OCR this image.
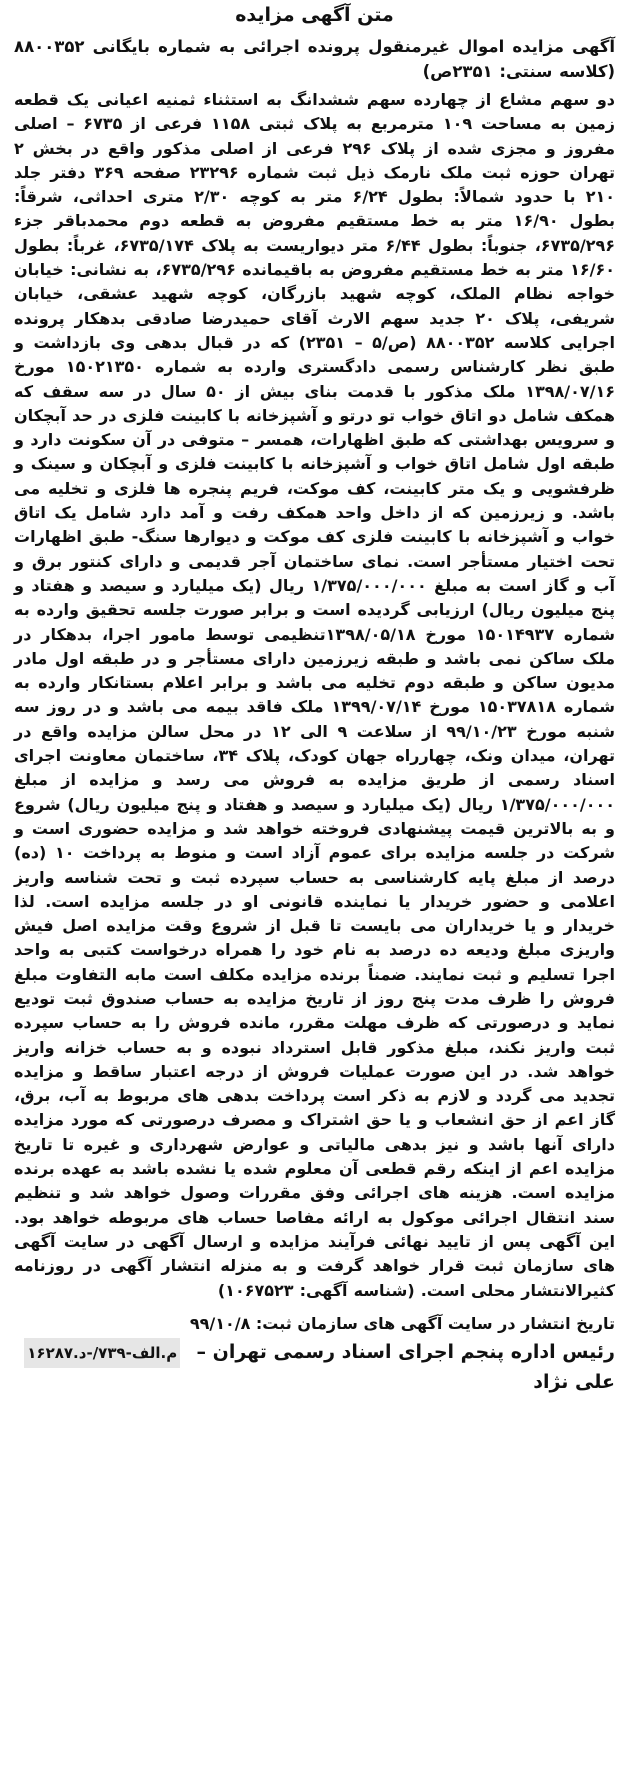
متن آگهی مزایده

آگهی مزایده اموال غیرمنقول پرونده اجرائی به شماره بایگانی ۸۸۰۰۳۵۲ (کلاسه سنتی: ۲۳۵۱ص)

دو سهم مشاع از چهارده سهم ششدانگ به استثناء ثمنیه اعیانی یک قطعه زمین به مساحت ۱۰۹ مترمربع به پلاک ثبتی ۱۱۵۸ فرعی از ۶۷۳۵ – اصلی مفروز و مجزی شده از پلاک ۲۹۶ فرعی از اصلی مذکور واقع در بخش ۲ تهران حوزه ثبت ملک نارمک ذیل ثبت شماره ۲۳۲۹۶ صفحه ۳۶۹ دفتر جلد ۲۱۰ با حدود شمالاً: بطول ۶/۲۴ متر به کوچه ۲/۳۰ متری احداثی، شرقاً: بطول ۱۶/۹۰ متر به خط مستقیم مفروض به قطعه دوم محمدباقر جزء ۶۷۳۵/۲۹۶، جنوباً: بطول ۶/۴۴ متر دیواریست به پلاک ۶۷۳۵/۱۷۴، غرباً: بطول ۱۶/۶۰ متر به خط مستقیم مفروض به باقیمانده ۶۷۳۵/۲۹۶، به نشانی: خیابان خواجه نظام الملک، کوچه شهید بازرگان، کوچه شهید عشقی، خیابان شریفی، پلاک ۲۰ جدید سهم الارث آقای حمیدرضا صادقی بدهکار پرونده اجرایی کلاسه ۸۸۰۰۳۵۲ (ص/۵ – ۲۳۵۱) که در قبال بدهی وی بازداشت و طبق نظر کارشناس رسمی دادگستری وارده به شماره ۱۵۰۲۱۳۵۰ مورخ ۱۳۹۸/۰۷/۱۶ ملک مذکور با قدمت بنای بیش از ۵۰ سال در سه سقف که همکف شامل دو اتاق خواب تو درتو و آشپزخانه با کابینت فلزی در حد آبچکان و سرویس بهداشتی که طبق اظهارات، همسر – متوفی در آن سکونت دارد و طبقه اول شامل اتاق خواب و آشپزخانه با کابینت فلزی و آبچکان و سینک و ظرفشویی و یک متر کابینت، کف موکت، فریم پنجره ها فلزی و تخلیه می باشد. و زیرزمین که از داخل واحد همکف رفت و آمد دارد شامل یک اتاق خواب و آشپزخانه با کابینت فلزی کف موکت و دیوارها سنگ- طبق اظهارات تحت اختیار مستأجر است. نمای ساختمان آجر قدیمی و دارای کنتور برق و آب و گاز است به مبلغ ۱/۳۷۵/۰۰۰/۰۰۰ ریال (یک میلیارد و سیصد و هفتاد و پنج میلیون ریال) ارزیابی گردیده است و برابر صورت جلسه تحقیق وارده به شماره ۱۵۰۱۴۹۳۷ مورخ ۱۳۹۸/۰۵/۱۸تنظیمی توسط مامور اجرا، بدهکار در ملک ساکن نمی باشد و طبقه زیرزمین دارای مستأجر و در طبقه اول مادر مدیون ساکن و طبقه دوم تخلیه می باشد و برابر اعلام بستانکار وارده به شماره ۱۵۰۳۷۸۱۸ مورخ ۱۳۹۹/۰۷/۱۴ ملک فاقد بیمه می باشد و در روز سه شنبه مورخ ۹۹/۱۰/۲۳ از سلاعت ۹ الی ۱۲ در محل سالن مزایده واقع در تهران، میدان ونک، چهارراه جهان کودک، پلاک ۳۴، ساختمان معاونت اجرای اسناد رسمی از طریق مزایده به فروش می رسد و مزایده از مبلغ ۱/۳۷۵/۰۰۰/۰۰۰ ریال (یک میلیارد و سیصد و هفتاد و پنج میلیون ریال) شروع و به بالاترین قیمت پیشنهادی فروخته خواهد شد و مزایده حضوری است و شرکت در جلسه مزایده برای عموم آزاد است و منوط به پرداخت ۱۰ (ده) درصد از مبلغ پایه کارشناسی به حساب سپرده ثبت و تحت شناسه واریز اعلامی و حضور خریدار یا نماینده قانونی او در جلسه مزایده است. لذا خریدار و یا خریداران می بایست تا قبل از شروع وقت مزایده اصل فیش واریزی مبلغ ودیعه ده درصد به نام خود را همراه درخواست کتبی به واحد اجرا تسلیم و ثبت نمایند. ضمناً برنده مزایده مکلف است مابه التفاوت مبلغ فروش را ظرف مدت پنج روز از تاریخ مزایده به حساب صندوق ثبت تودیع نماید و درصورتی که ظرف مهلت مقرر، مانده فروش را به حساب سپرده ثبت واریز نکند، مبلغ مذکور قابل استرداد نبوده و به حساب خزانه واریز خواهد شد. در این صورت عملیات فروش از درجه اعتبار ساقط و مزایده تجدید می گردد و لازم به ذکر است پرداخت بدهی های مربوط به آب، برق، گاز اعم از حق انشعاب و یا حق اشتراک و مصرف درصورتی که مورد مزایده دارای آنها باشد و نیز بدهی مالیاتی و عوارض شهرداری و غیره تا تاریخ مزایده اعم از اینکه رقم قطعی آن معلوم شده یا نشده باشد به عهده برنده مزایده است. هزینه های اجرائی وفق مقررات وصول خواهد شد و تنظیم سند انتقال اجرائی موکول به ارائه مفاصا حساب های مربوطه خواهد بود. این آگهی پس از تایید نهائی فرآیند مزایده و ارسال آگهی در سایت آگهی های سازمان ثبت قرار خواهد گرفت و به منزله انتشار آگهی در روزنامه کثیرالانتشار محلی است. (شناسه آگهی: ۱۰۶۷۵۲۳)

تاریخ انتشار در سایت آگهی های سازمان ثبت: ۹۹/۱۰/۸
رئیس اداره پنجم اجرای اسناد رسمی تهران – ۱۶۲۸۷.م.الف-۷۳۹/-د
علی نژاد
